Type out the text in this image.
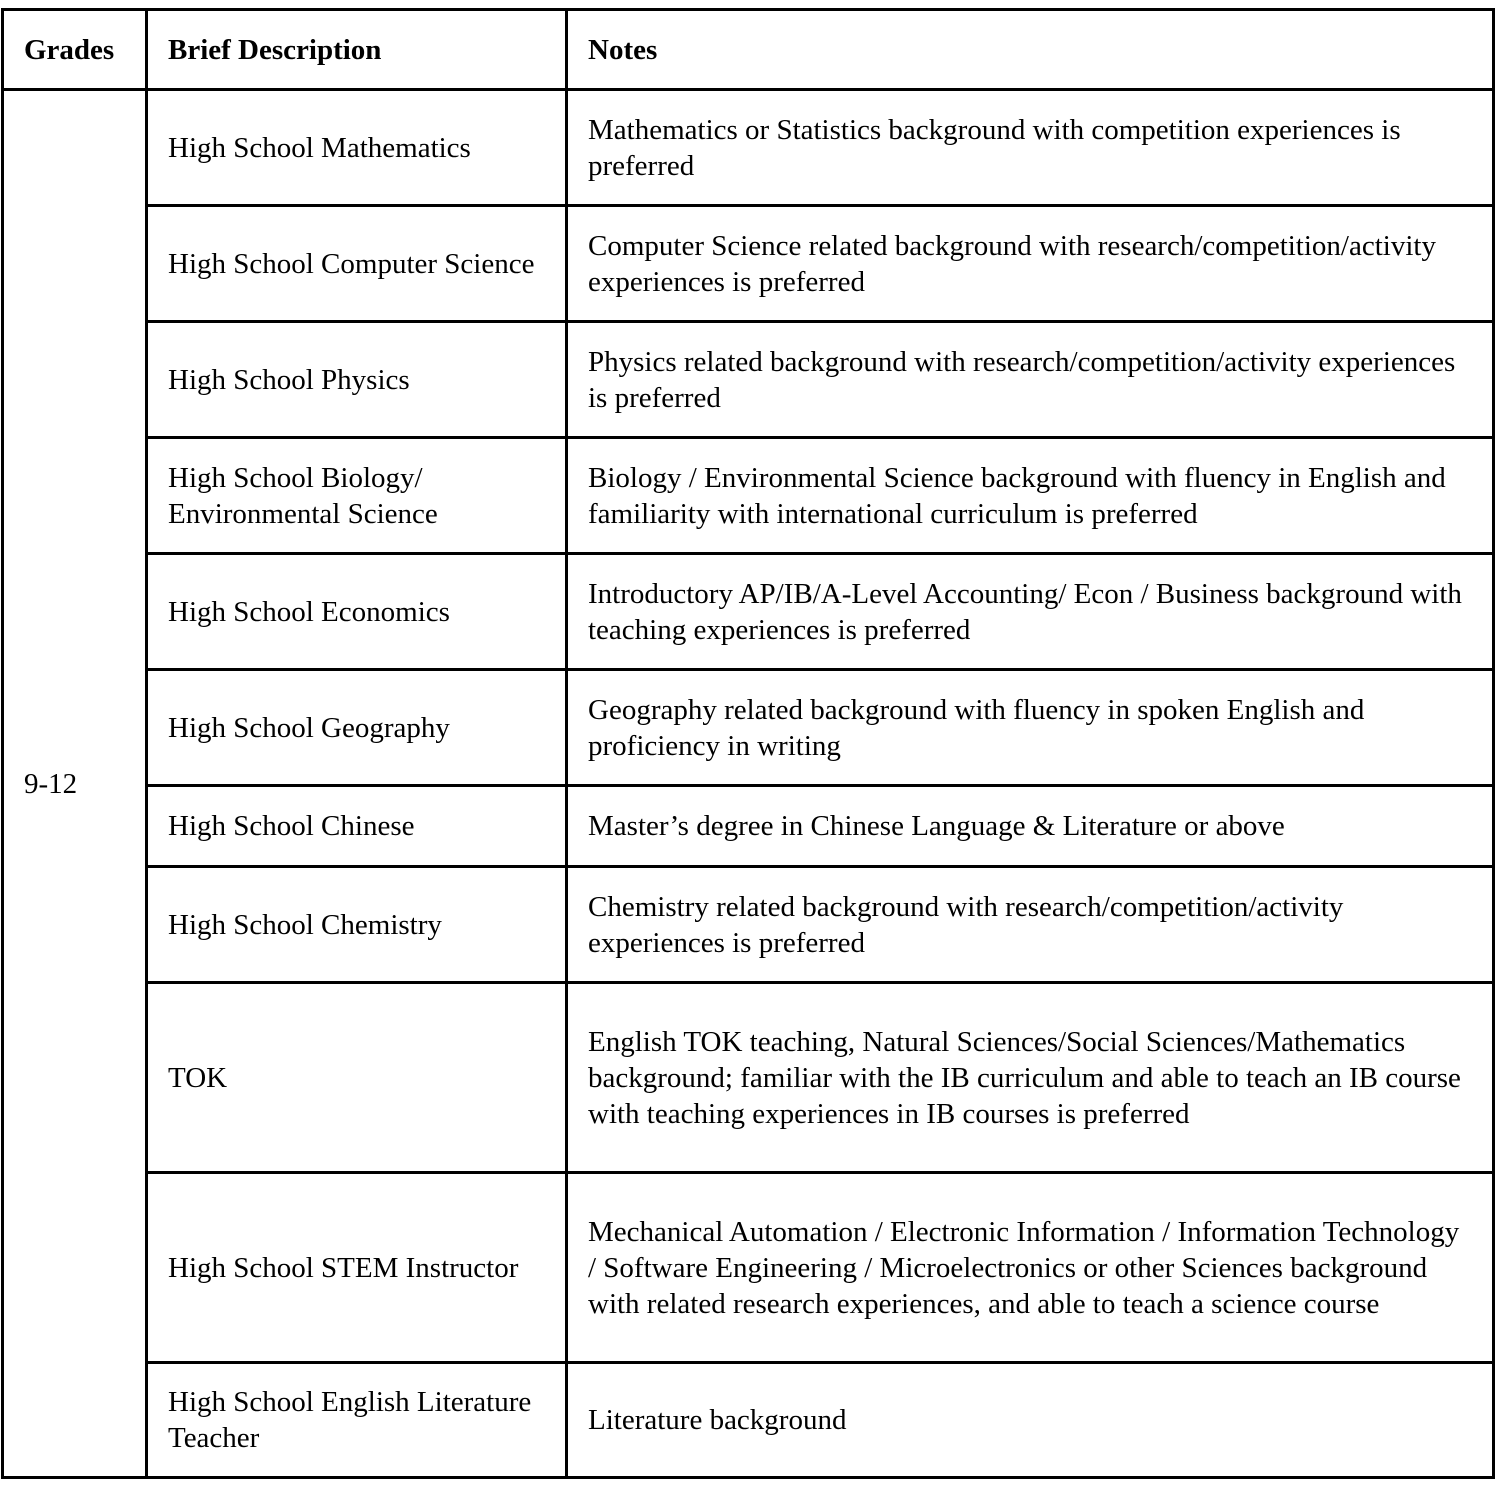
Grades	Brief Description	Notes
9-12	High School Mathematics	Mathematics or Statistics background with competition experiences is preferred
	High School Computer Science	Computer Science related background with research/competition/activity experiences is preferred
	High School Physics	Physics related background with research/competition/activity experiences is preferred
	High School Biology/ Environmental Science	Biology / Environmental Science background with fluency in English and familiarity with international curriculum is preferred
	High School Economics	Introductory AP/IB/A-Level Accounting/ Econ / Business background with teaching experiences is preferred
	High School Geography	Geography related background with fluency in spoken English and proficiency in writing
	High School Chinese	Master’s degree in Chinese Language & Literature or above
	High School Chemistry	Chemistry related background with research/competition/activity experiences is preferred
	TOK	English TOK teaching, Natural Sciences/Social Sciences/Mathematics background; familiar with the IB curriculum and able to teach an IB course with teaching experiences in IB courses is preferred
	High School STEM Instructor	Mechanical Automation / Electronic Information / Information Technology / Software Engineering / Microelectronics or other Sciences background with related research experiences, and able to teach a science course
	High School English Literature Teacher	Literature background
